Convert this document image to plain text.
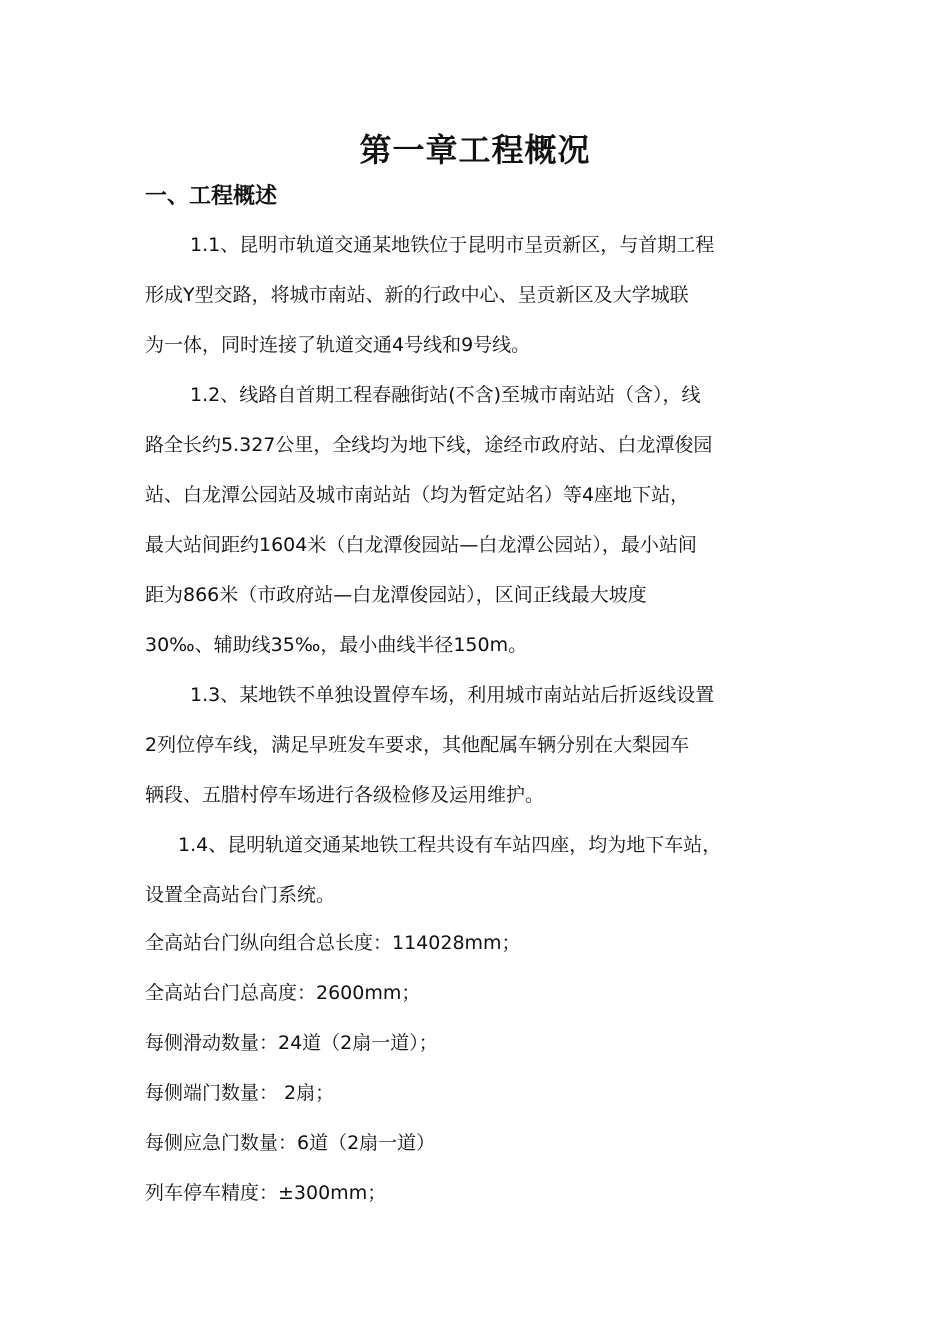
第一章工程概况
一、工程概述
1.1、昆明市轨道交通某地铁位于昆明市呈贡新区，与首期工程
形成Y型交路，将城市南站、新的行政中心、呈贡新区及大学城联
为一体，同时连接了轨道交通4号线和9号线。
1.2、线路自首期工程春融街站(不含)至城市南站站（含），线
路全长约5.327公里，全线均为地下线，途经市政府站、白龙潭俊园
站、白龙潭公园站及城市南站站（均为暂定站名）等4座地下站，
最大站间距约1604米（白龙潭俊园站—白龙潭公园站），最小站间
距为866米（市政府站—白龙潭俊园站），区间正线最大坡度
30‰、辅助线35‰，最小曲线半径150m。
1.3、某地铁不单独设置停车场，利用城市南站站后折返线设置
2列位停车线，满足早班发车要求，其他配属车辆分别在大梨园车
辆段、五腊村停车场进行各级检修及运用维护。
1.4、昆明轨道交通某地铁工程共设有车站四座，均为地下车站，
设置全高站台门系统。
全高站台门纵向组合总长度：114028mm；
全高站台门总高度：2600mm；
每侧滑动数量：24道（2扇一道）；
每侧端门数量： 2扇；
每侧应急门数量：6道（2扇一道）
列车停车精度：±300mm；
